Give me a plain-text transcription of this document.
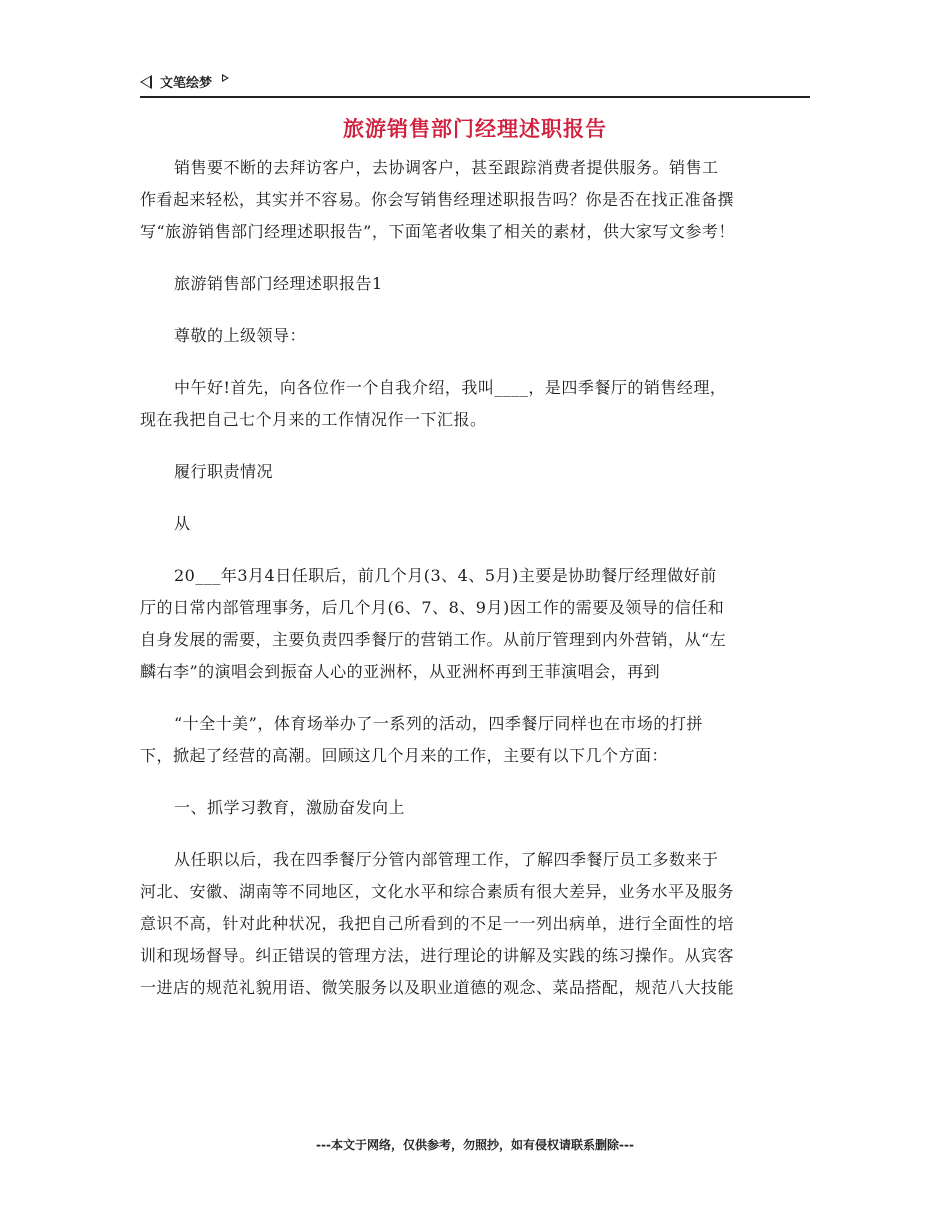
文笔绘梦
旅游销售部门经理述职报告
销售要不断的去拜访客户，去协调客户，甚至跟踪消费者提供服务。销售工
作看起来轻松，其实并不容易。你会写销售经理述职报告吗？你是否在找正准备撰
写“旅游销售部门经理述职报告”，下面笔者收集了相关的素材，供大家写文参考！
旅游销售部门经理述职报告1
尊敬的上级领导：
中午好!首先，向各位作一个自我介绍，我叫____，是四季餐厅的销售经理，
现在我把自己七个月来的工作情况作一下汇报。
履行职责情况
从
20___年3月4日任职后，前几个月(3、4、5月)主要是协助餐厅经理做好前
厅的日常内部管理事务，后几个月(6、7、8、9月)因工作的需要及领导的信任和
自身发展的需要，主要负责四季餐厅的营销工作。从前厅管理到内外营销，从“左
麟右李”的演唱会到振奋人心的亚洲杯，从亚洲杯再到王菲演唱会，再到
“十全十美”，体育场举办了一系列的活动，四季餐厅同样也在市场的打拼
下，掀起了经营的高潮。回顾这几个月来的工作，主要有以下几个方面：
一、抓学习教育，激励奋发向上
从任职以后，我在四季餐厅分管内部管理工作，了解四季餐厅员工多数来于
河北、安徽、湖南等不同地区，文化水平和综合素质有很大差异，业务水平及服务
意识不高，针对此种状况，我把自己所看到的不足一一列出病单，进行全面性的培
训和现场督导。纠正错误的管理方法，进行理论的讲解及实践的练习操作。从宾客
一进店的规范礼貌用语、微笑服务以及职业道德的观念、菜品搭配，规范八大技能
---本文于网络，仅供参考，勿照抄，如有侵权请联系删除---
